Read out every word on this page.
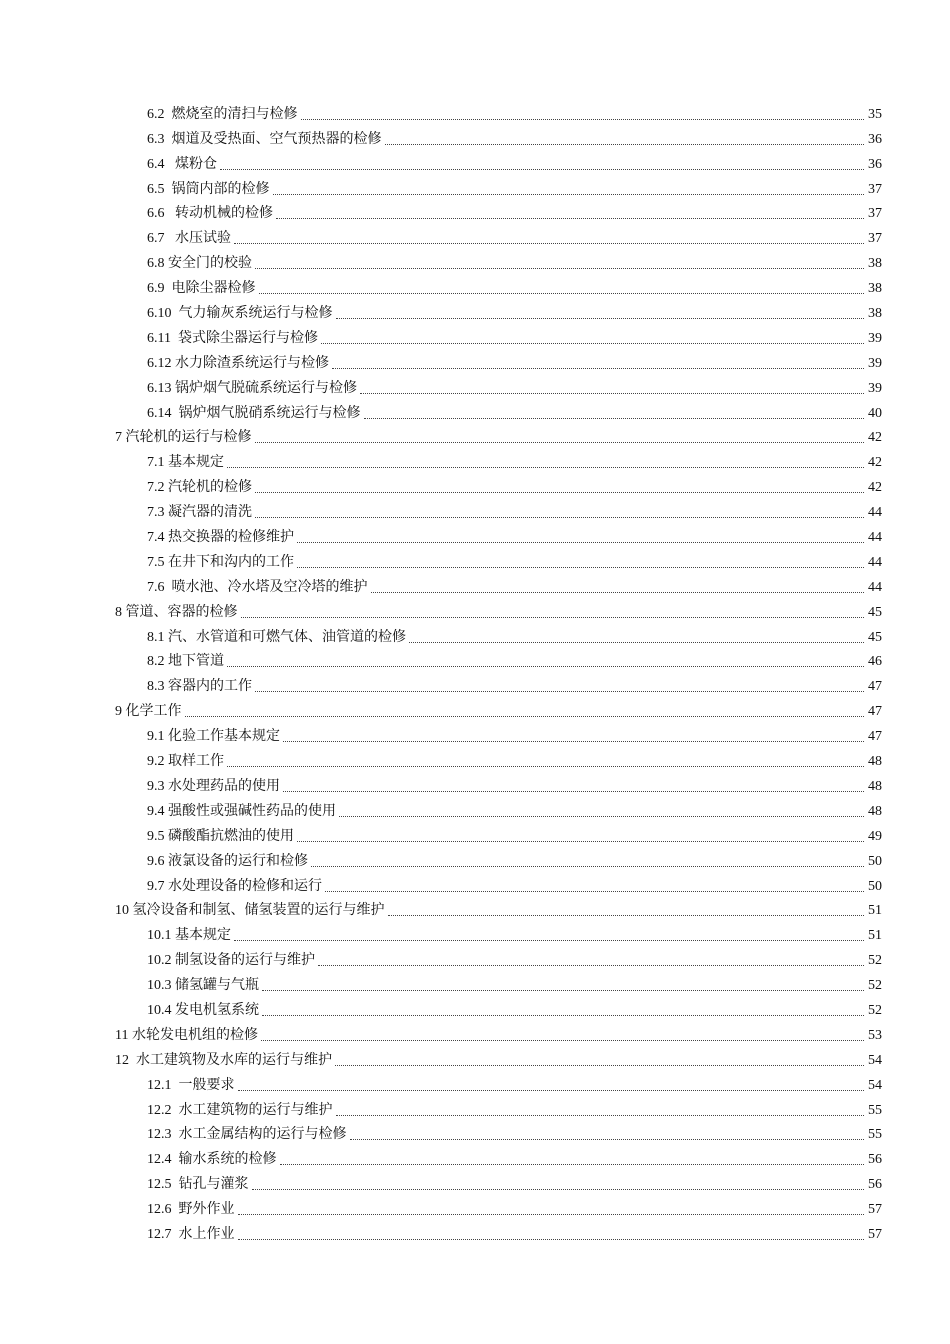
6.2  燃烧室的清扫与检修	35
6.3  烟道及受热面、空气预热器的检修	36
6.4   煤粉仓	36
6.5  锅筒内部的检修	37
6.6   转动机械的检修	37
6.7   水压试验	37
6.8 安全门的校验	38
6.9  电除尘器检修	38
6.10  气力输灰系统运行与检修	38
6.11  袋式除尘器运行与检修	39
6.12 水力除渣系统运行与检修	39
6.13 锅炉烟气脱硫系统运行与检修	39
6.14  锅炉烟气脱硝系统运行与检修	40
7 汽轮机的运行与检修	42
7.1 基本规定	42
7.2 汽轮机的检修	42
7.3 凝汽器的清洗	44
7.4 热交换器的检修维护	44
7.5 在井下和沟内的工作	44
7.6  喷水池、冷水塔及空冷塔的维护	44
8 管道、容器的检修	45
8.1 汽、水管道和可燃气体、油管道的检修	45
8.2 地下管道	46
8.3 容器内的工作	47
9 化学工作	47
9.1 化验工作基本规定	47
9.2 取样工作	48
9.3 水处理药品的使用	48
9.4 强酸性或强碱性药品的使用	48
9.5 磷酸酯抗燃油的使用	49
9.6 液氯设备的运行和检修	50
9.7 水处理设备的检修和运行	50
10 氢冷设备和制氢、储氢装置的运行与维护	51
10.1 基本规定	51
10.2 制氢设备的运行与维护	52
10.3 储氢罐与气瓶	52
10.4 发电机氢系统	52
11 水轮发电机组的检修	53
12  水工建筑物及水库的运行与维护	54
12.1  一般要求	54
12.2  水工建筑物的运行与维护	55
12.3  水工金属结构的运行与检修	55
12.4  输水系统的检修	56
12.5  钻孔与灌浆	56
12.6  野外作业	57
12.7  水上作业	57
